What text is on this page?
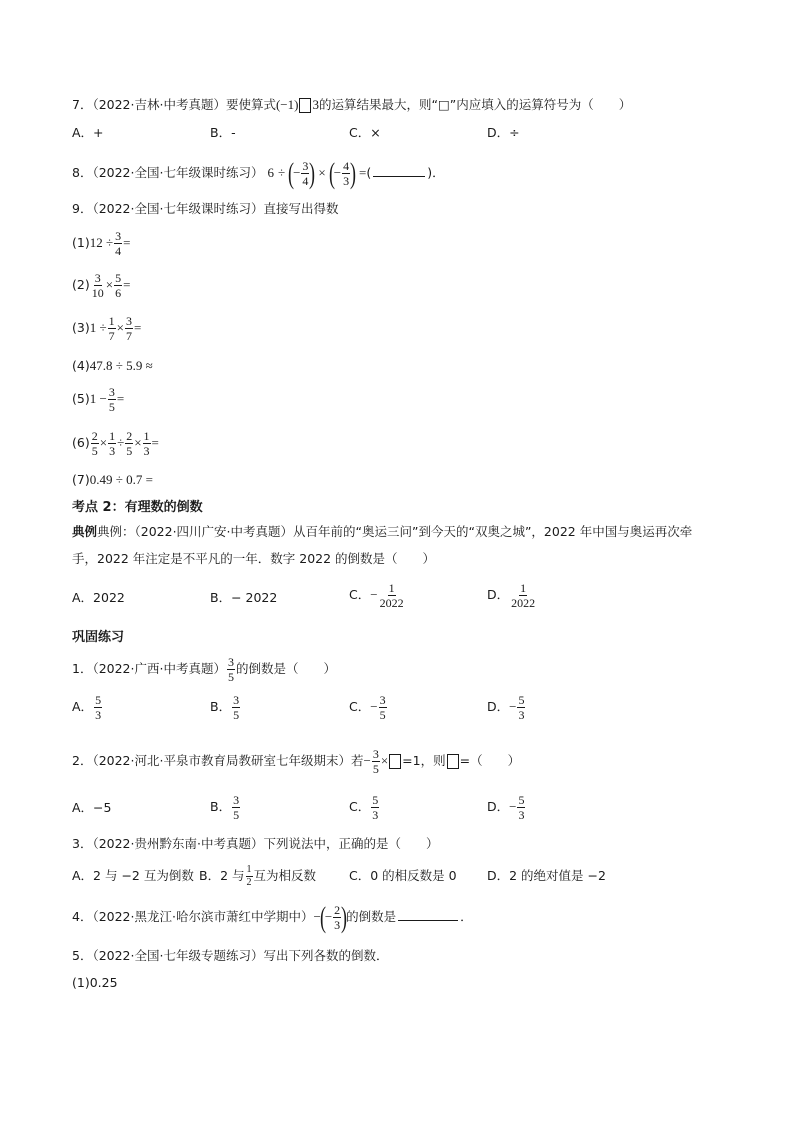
7．（2022·吉林·中考真题）要使算式(−1) 3的运算结果最大，则“□”内应填入的运算符号为（　　）
A．+	B．-	C．×	D．÷
8．（2022·全国·七年级课时练习） 6 ÷ (− $\frac{3}{4}$ ) × (− $\frac{4}{3}$ ) =(	)．
9．（2022·全国·七年级课时练习）直接写出得数
$(1)12 \div \frac{3}{4}$ =
$(2) \frac{3}{10} \times \frac{5}{6}$ =
$(3)1 \div \frac{1}{7} \times \frac{3}{7}$ =
(4)47.8 ÷ 5.9 ≈
$(5)1 - \frac{3}{5}$ =
$(6) \frac{2}{5} \times \frac{1}{3} \div \frac{2}{5} \times \frac{1}{3}$ =
(7)0.49 ÷ 0.7 =
考点 2：有理数的倒数
典例典例：（2022·四川广安·中考真题）从百年前的“奥运三问”到今天的“双奥之城”，2022 年中国与奥运再次牵
手，2022 年注定是不平凡的一年．数字 2022 的倒数是（　　）
A．2022	B．− 2022	C．− $\frac{1}{2022}$	D． $\frac{1}{2022}$
巩固练习
1．（2022·广西·中考真题） $\frac{3}{5}$ 的倒数是（　　）
A． $\frac{5}{3}$	B． $\frac{3}{5}$	C．− $\frac{3}{5}$	D．− $\frac{5}{3}$
2．（2022·河北·平泉市教育局教研室七年级期末）若− $\frac{3}{5} \times =1$，则 =（　　）
A．−5	B． $\frac{3}{5}$	C． $\frac{5}{3}$	D．− $\frac{5}{3}$
3．（2022·贵州黔东南·中考真题）下列说法中，正确的是（　　）
A．2 与 −2 互为倒数 B．2 与 $\frac{1}{2}$ 互为相反数	C．0 的相反数是 0 D．2 的绝对值是 −2
4．（2022·黑龙江·哈尔滨市萧红中学期中）−(− $\frac{2}{3}$ )的倒数是	．
5．（2022·全国·七年级专题练习）写出下列各数的倒数．
(1)0.25
